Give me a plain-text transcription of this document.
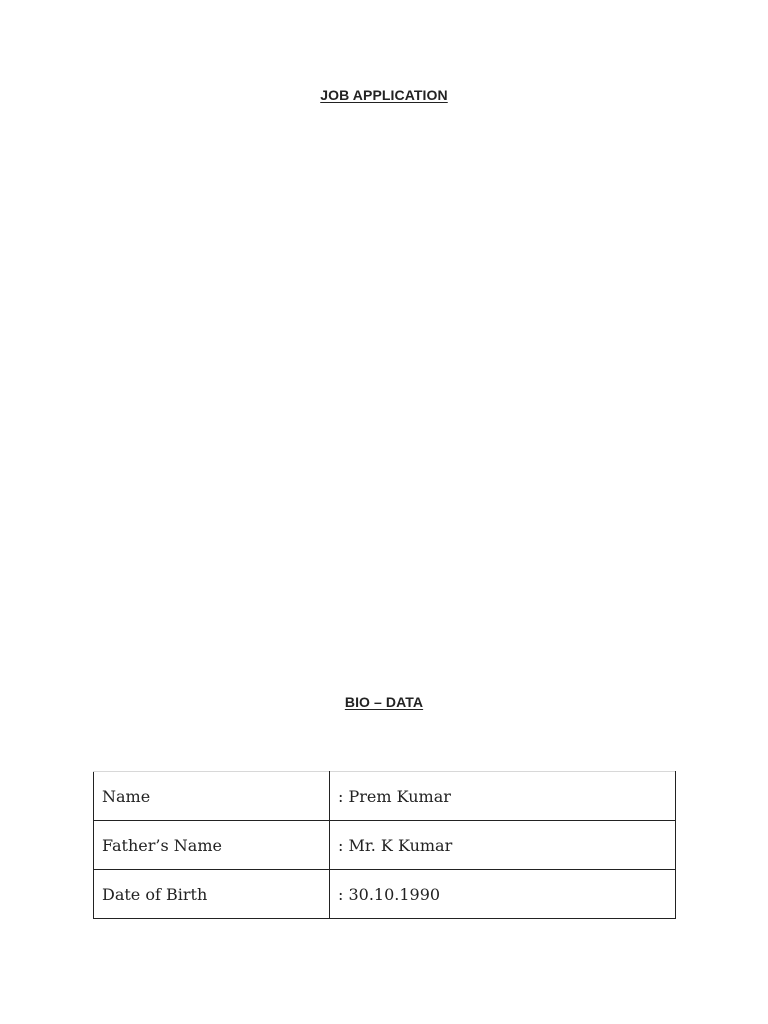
JOB APPLICATION
BIO – DATA
Name	: Prem Kumar
Father’s Name	: Mr. K Kumar
Date of Birth	: 30.10.1990
